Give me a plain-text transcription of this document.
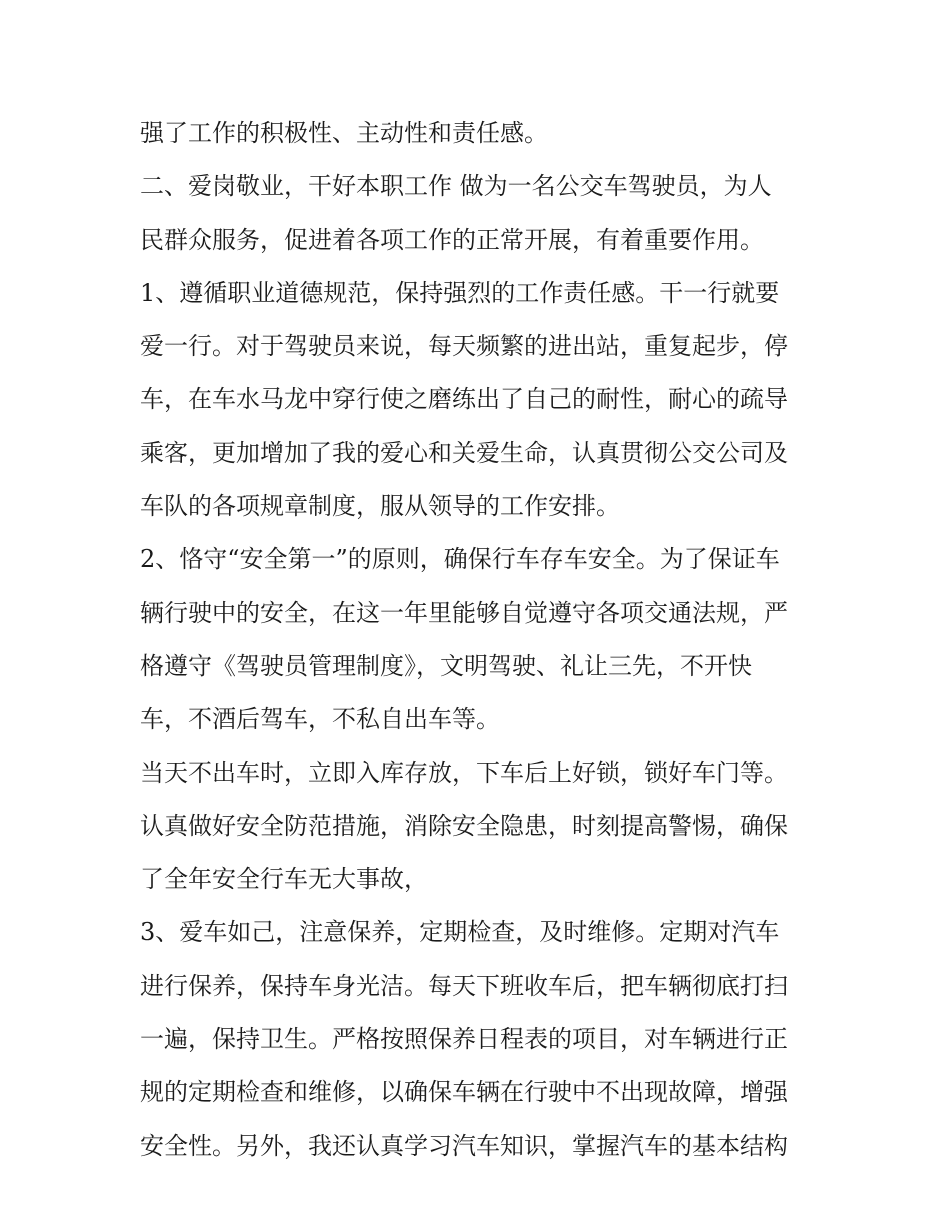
强了工作的积极性、主动性和责任感。
二、爱岗敬业，干好本职工作 做为一名公交车驾驶员，为人
民群众服务，促进着各项工作的正常开展，有着重要作用。
1、遵循职业道德规范，保持强烈的工作责任感。干一行就要
爱一行。对于驾驶员来说，每天频繁的进出站，重复起步，停
车，在车水马龙中穿行使之磨练出了自己的耐性，耐心的疏导
乘客，更加增加了我的爱心和关爱生命，认真贯彻公交公司及
车队的各项规章制度，服从领导的工作安排。
2、恪守“安全第一”的原则，确保行车存车安全。为了保证车
辆行驶中的安全，在这一年里能够自觉遵守各项交通法规，严
格遵守《驾驶员管理制度》，文明驾驶、礼让三先，不开快
车，不酒后驾车，不私自出车等。
当天不出车时，立即入库存放，下车后上好锁，锁好车门等。
认真做好安全防范措施，消除安全隐患，时刻提高警惕，确保
了全年安全行车无大事故，
3、爱车如己，注意保养，定期检查，及时维修。定期对汽车
进行保养，保持车身光洁。每天下班收车后，把车辆彻底打扫
一遍，保持卫生。严格按照保养日程表的项目，对车辆进行正
规的定期检查和维修，以确保车辆在行驶中不出现故障，增强
安全性。另外，我还认真学习汽车知识，掌握汽车的基本结构
